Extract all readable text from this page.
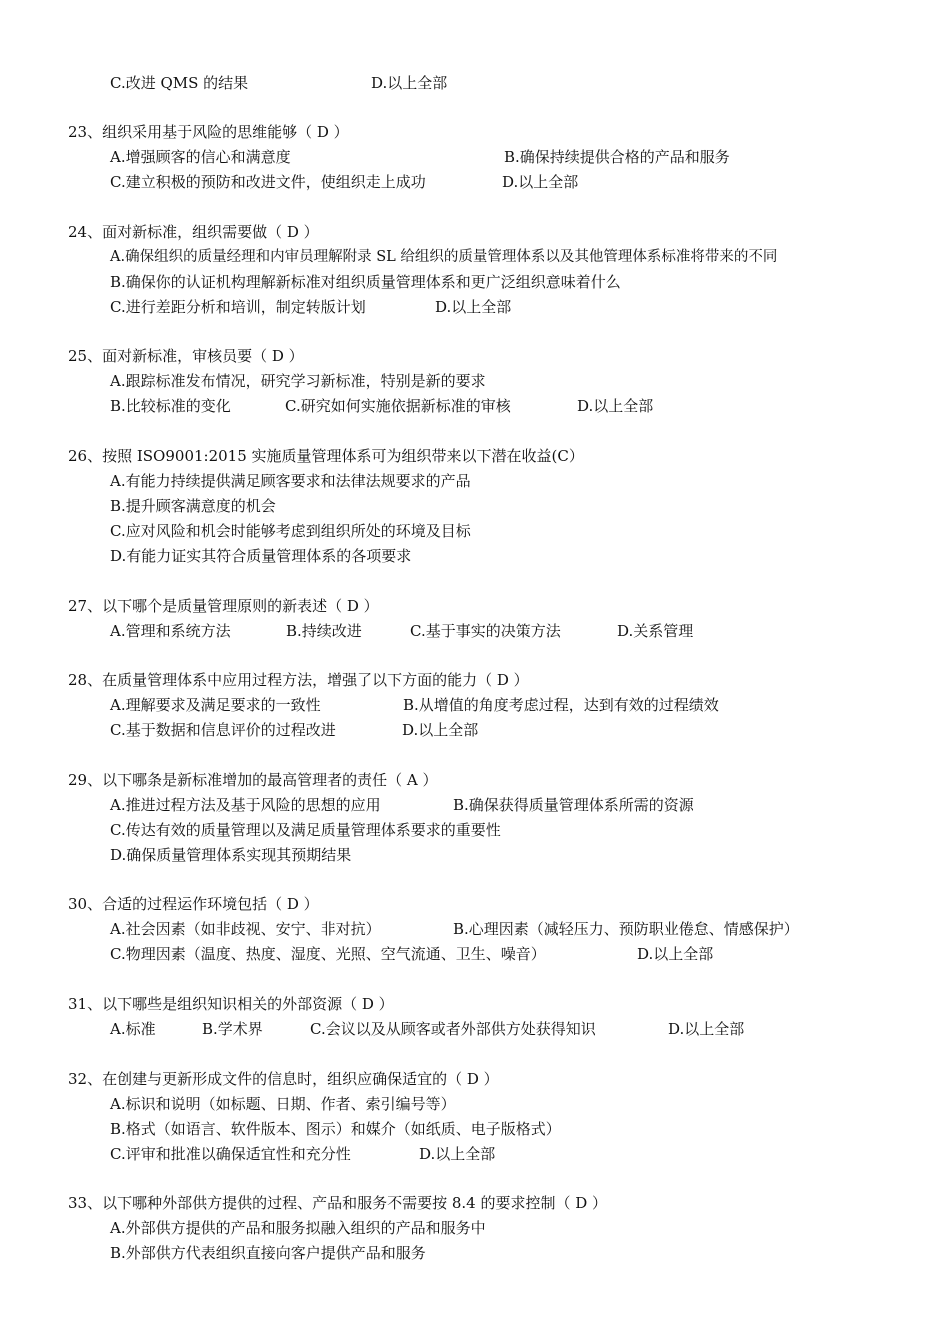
C.改进 QMS 的结果	D.以上全部
23、组织采用基于风险的思维能够（ D ）
A.增强顾客的信心和满意度	B.确保持续提供合格的产品和服务
C.建立积极的预防和改进文件，使组织走上成功	D.以上全部
24、面对新标准，组织需要做（ D ）
A.确保组织的质量经理和内审员理解附录 SL 给组织的质量管理体系以及其他管理体系标准将带来的不同
B.确保你的认证机构理解新标准对组织质量管理体系和更广泛组织意味着什么
C.进行差距分析和培训，制定转版计划	D.以上全部
25、面对新标准，审核员要（ D ）
A.跟踪标准发布情况，研究学习新标准，特别是新的要求
B.比较标准的变化	C.研究如何实施依据新标准的审核	D.以上全部
26、按照 ISO9001:2015 实施质量管理体系可为组织带来以下潜在收益(C）
A.有能力持续提供满足顾客要求和法律法规要求的产品
B.提升顾客满意度的机会
C.应对风险和机会时能够考虑到组织所处的环境及目标
D.有能力证实其符合质量管理体系的各项要求
27、以下哪个是质量管理原则的新表述（ D ）
A.管理和系统方法	B.持续改进	C.基于事实的决策方法	D.关系管理
28、在质量管理体系中应用过程方法，增强了以下方面的能力（ D ）
A.理解要求及满足要求的一致性	B.从增值的角度考虑过程，达到有效的过程绩效
C.基于数据和信息评价的过程改进	D.以上全部
29、以下哪条是新标准增加的最高管理者的责任（ A ）
A.推进过程方法及基于风险的思想的应用	B.确保获得质量管理体系所需的资源
C.传达有效的质量管理以及满足质量管理体系要求的重要性
D.确保质量管理体系实现其预期结果
30、合适的过程运作环境包括（ D ）
A.社会因素（如非歧视、安宁、非对抗）	B.心理因素（减轻压力、预防职业倦怠、情感保护）
C.物理因素（温度、热度、湿度、光照、空气流通、卫生、噪音）	D.以上全部
31、以下哪些是组织知识相关的外部资源（ D ）
A.标准	B.学术界	C.会议以及从顾客或者外部供方处获得知识	D.以上全部
32、在创建与更新形成文件的信息时，组织应确保适宜的（ D ）
A.标识和说明（如标题、日期、作者、索引编号等）
B.格式（如语言、软件版本、图示）和媒介（如纸质、电子版格式）
C.评审和批准以确保适宜性和充分性	D.以上全部
33、以下哪种外部供方提供的过程、产品和服务不需要按 8.4 的要求控制（ D ）
A.外部供方提供的产品和服务拟融入组织的产品和服务中
B.外部供方代表组织直接向客户提供产品和服务
